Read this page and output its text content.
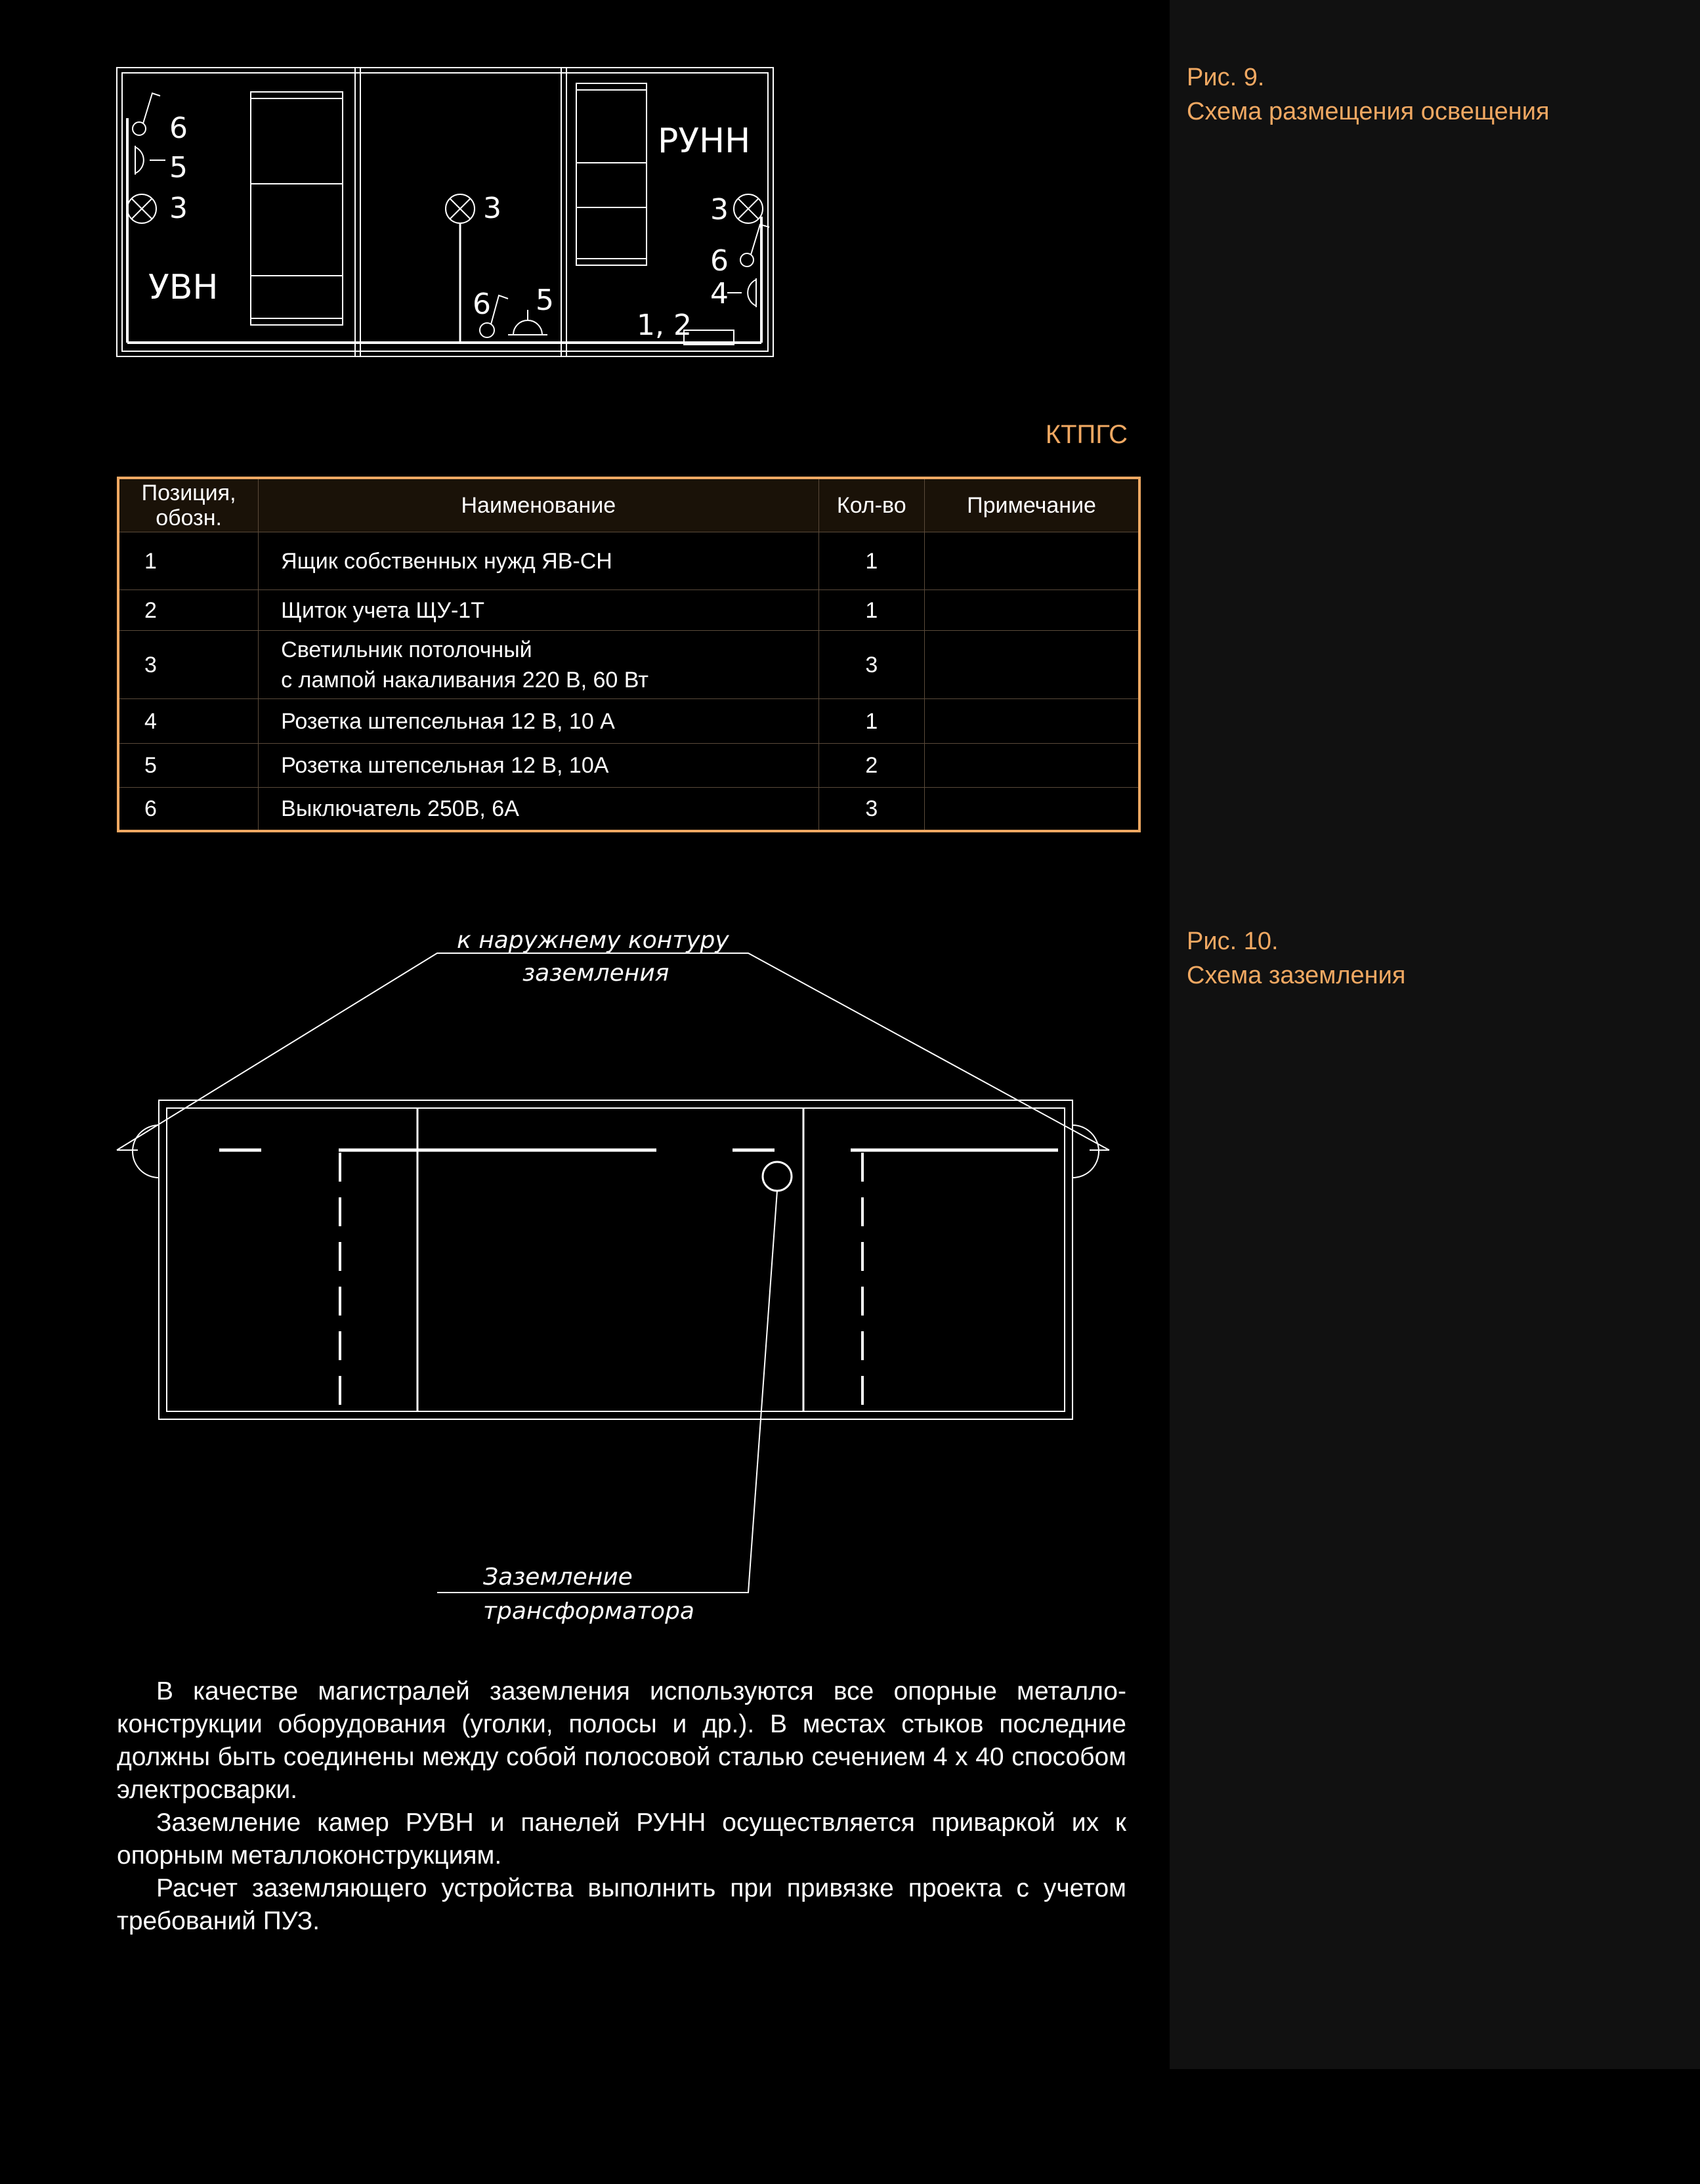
Рис. 9.
Схема размещения освещения
Рис. 10.
Схема заземления
6
5
3
УВН
3
6 5
РУНН
3
6
4
1, 2
КТПГС
Позиция,
обозн.	Наименование	Кол-во	Примечание
1	Ящик собственных нужд ЯВ-СН	1	
2	Щиток учета ЩУ-1Т	1	
3	Светильник потолочный
с лампой накаливания 220 В, 60 Вт	3	
4	Розетка штепсельная 12 В, 10 А	1	
5	Розетка штепсельная 12 В, 10А	2	
6	Выключатель 250В, 6А	3	
к наружнему контуру
заземления
Заземление
трансформатора

В качестве магистралей заземления используются все опорные металлоконструкции оборудования (уголки, полосы и др.). В местах стыков последние должны быть соединены между собой полосовой сталью сечением 4 х 40 способом электросварки.

Заземление камер РУВН и панелей РУНН осуществляется приваркой их к опорным металлоконструкциям.

Расчет заземляющего устройства выполнить при привязке проекта с учетом требований ПУЗ.
